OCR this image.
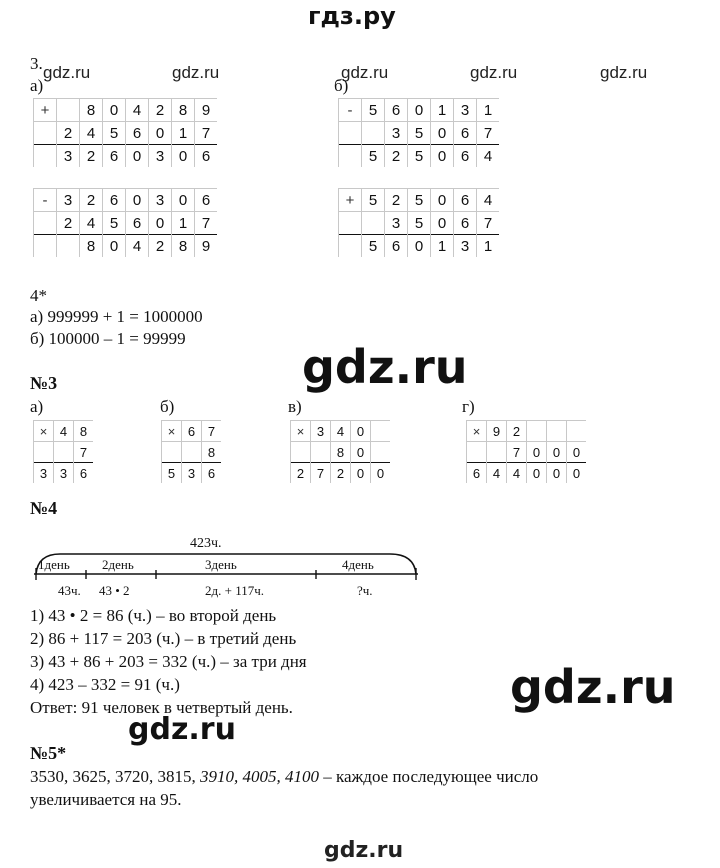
гдз.ру
gdz.ru	gdz.ru	gdz.ru	gdz.ru	gdz.ru
3.
а)	б)
+		8	0	4	2	8	9
	2	4	5	6	0	1	7
	3	2	6	0	3	0	6
-	3	2	6	0	3	0	6
	2	4	5	6	0	1	7
		8	0	4	2	8	9
-	5	6	0	1	3	1
		3	5	0	6	7
	5	2	5	0	6	4
+	5	2	5	0	6	4
		3	5	0	6	7
	5	6	0	1	3	1
4*
а) 999999 + 1 = 1000000
б) 100000 – 1 = 99999
gdz.ru
№3
а)	б)	в)	г)
×	4	8
		7
3	3	6
×	6	7
		8
5	3	6
×	3	4	0	
		8	0	
2	7	2	0	0
×	9	2			
		7	0	0	0
6	4	4	0	0	0
№4
423ч.
1день 2день	3день	4день
43ч. 43 • 2	2д. + 117ч.	?ч.
1) 43 • 2 = 86 (ч.) – во второй день
2) 86 + 117 = 203 (ч.) – в третий день
3) 43 + 86 + 203 = 332 (ч.) – за три дня
4) 423 – 332 = 91 (ч.)
Ответ: 91 человек в четвертый день.	gdz.ru
gdz.ru
№5*
3530, 3625, 3720, 3815, 3910, 4005, 4100 – каждое последующее число
увеличивается на 95.
gdz.ru
